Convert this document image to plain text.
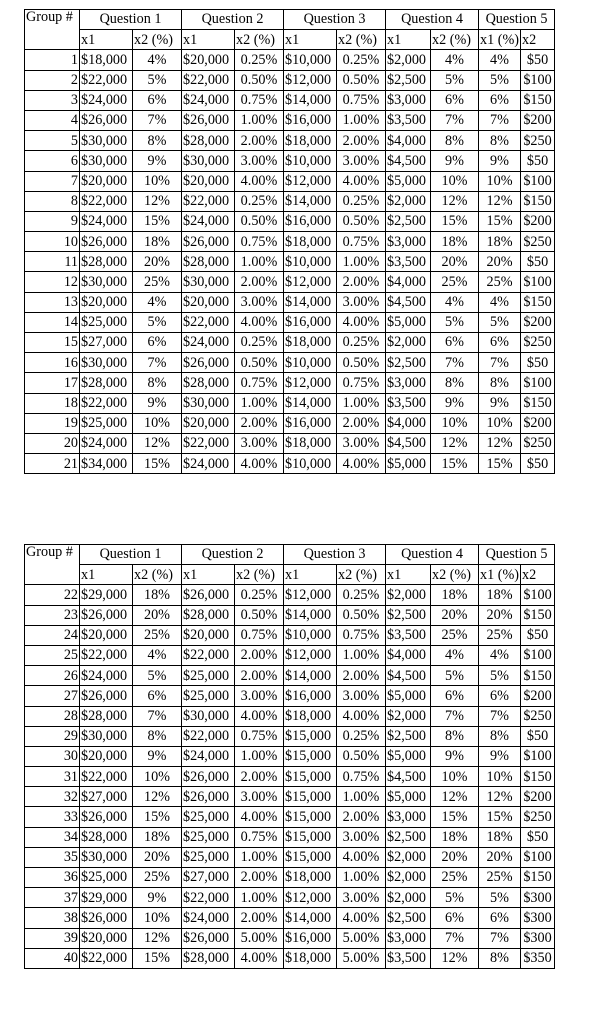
Group #	Question 1		Question 2		Question 3		Question 4		Question 5	
	x1	x2 (%)	x1	x2 (%)	x1	x2 (%)	x1	x2 (%)	x1 (%)	x2
1	$18,000	4%	$20,000	0.25%	$10,000	0.25%	$2,000	4%	4%	$50
2	$22,000	5%	$22,000	0.50%	$12,000	0.50%	$2,500	5%	5%	$100
3	$24,000	6%	$24,000	0.75%	$14,000	0.75%	$3,000	6%	6%	$150
4	$26,000	7%	$26,000	1.00%	$16,000	1.00%	$3,500	7%	7%	$200
5	$30,000	8%	$28,000	2.00%	$18,000	2.00%	$4,000	8%	8%	$250
6	$30,000	9%	$30,000	3.00%	$10,000	3.00%	$4,500	9%	9%	$50
7	$20,000	10%	$20,000	4.00%	$12,000	4.00%	$5,000	10%	10%	$100
8	$22,000	12%	$22,000	0.25%	$14,000	0.25%	$2,000	12%	12%	$150
9	$24,000	15%	$24,000	0.50%	$16,000	0.50%	$2,500	15%	15%	$200
10	$26,000	18%	$26,000	0.75%	$18,000	0.75%	$3,000	18%	18%	$250
11	$28,000	20%	$28,000	1.00%	$10,000	1.00%	$3,500	20%	20%	$50
12	$30,000	25%	$30,000	2.00%	$12,000	2.00%	$4,000	25%	25%	$100
13	$20,000	4%	$20,000	3.00%	$14,000	3.00%	$4,500	4%	4%	$150
14	$25,000	5%	$22,000	4.00%	$16,000	4.00%	$5,000	5%	5%	$200
15	$27,000	6%	$24,000	0.25%	$18,000	0.25%	$2,000	6%	6%	$250
16	$30,000	7%	$26,000	0.50%	$10,000	0.50%	$2,500	7%	7%	$50
17	$28,000	8%	$28,000	0.75%	$12,000	0.75%	$3,000	8%	8%	$100
18	$22,000	9%	$30,000	1.00%	$14,000	1.00%	$3,500	9%	9%	$150
19	$25,000	10%	$20,000	2.00%	$16,000	2.00%	$4,000	10%	10%	$200
20	$24,000	12%	$22,000	3.00%	$18,000	3.00%	$4,500	12%	12%	$250
21	$34,000	15%	$24,000	4.00%	$10,000	4.00%	$5,000	15%	15%	$50
Group #	Question 1		Question 2		Question 3		Question 4		Question 5	
	x1	x2 (%)	x1	x2 (%)	x1	x2 (%)	x1	x2 (%)	x1 (%)	x2
22	$29,000	18%	$26,000	0.25%	$12,000	0.25%	$2,000	18%	18%	$100
23	$26,000	20%	$28,000	0.50%	$14,000	0.50%	$2,500	20%	20%	$150
24	$20,000	25%	$20,000	0.75%	$10,000	0.75%	$3,500	25%	25%	$50
25	$22,000	4%	$22,000	2.00%	$12,000	1.00%	$4,000	4%	4%	$100
26	$24,000	5%	$25,000	2.00%	$14,000	2.00%	$4,500	5%	5%	$150
27	$26,000	6%	$25,000	3.00%	$16,000	3.00%	$5,000	6%	6%	$200
28	$28,000	7%	$30,000	4.00%	$18,000	4.00%	$2,000	7%	7%	$250
29	$30,000	8%	$22,000	0.75%	$15,000	0.25%	$2,500	8%	8%	$50
30	$20,000	9%	$24,000	1.00%	$15,000	0.50%	$5,000	9%	9%	$100
31	$22,000	10%	$26,000	2.00%	$15,000	0.75%	$4,500	10%	10%	$150
32	$27,000	12%	$26,000	3.00%	$15,000	1.00%	$5,000	12%	12%	$200
33	$26,000	15%	$25,000	4.00%	$15,000	2.00%	$3,000	15%	15%	$250
34	$28,000	18%	$25,000	0.75%	$15,000	3.00%	$2,500	18%	18%	$50
35	$30,000	20%	$25,000	1.00%	$15,000	4.00%	$2,000	20%	20%	$100
36	$25,000	25%	$27,000	2.00%	$18,000	1.00%	$2,000	25%	25%	$150
37	$29,000	9%	$22,000	1.00%	$12,000	3.00%	$2,000	5%	5%	$300
38	$26,000	10%	$24,000	2.00%	$14,000	4.00%	$2,500	6%	6%	$300
39	$20,000	12%	$26,000	5.00%	$16,000	5.00%	$3,000	7%	7%	$300
40	$22,000	15%	$28,000	4.00%	$18,000	5.00%	$3,500	12%	8%	$350
